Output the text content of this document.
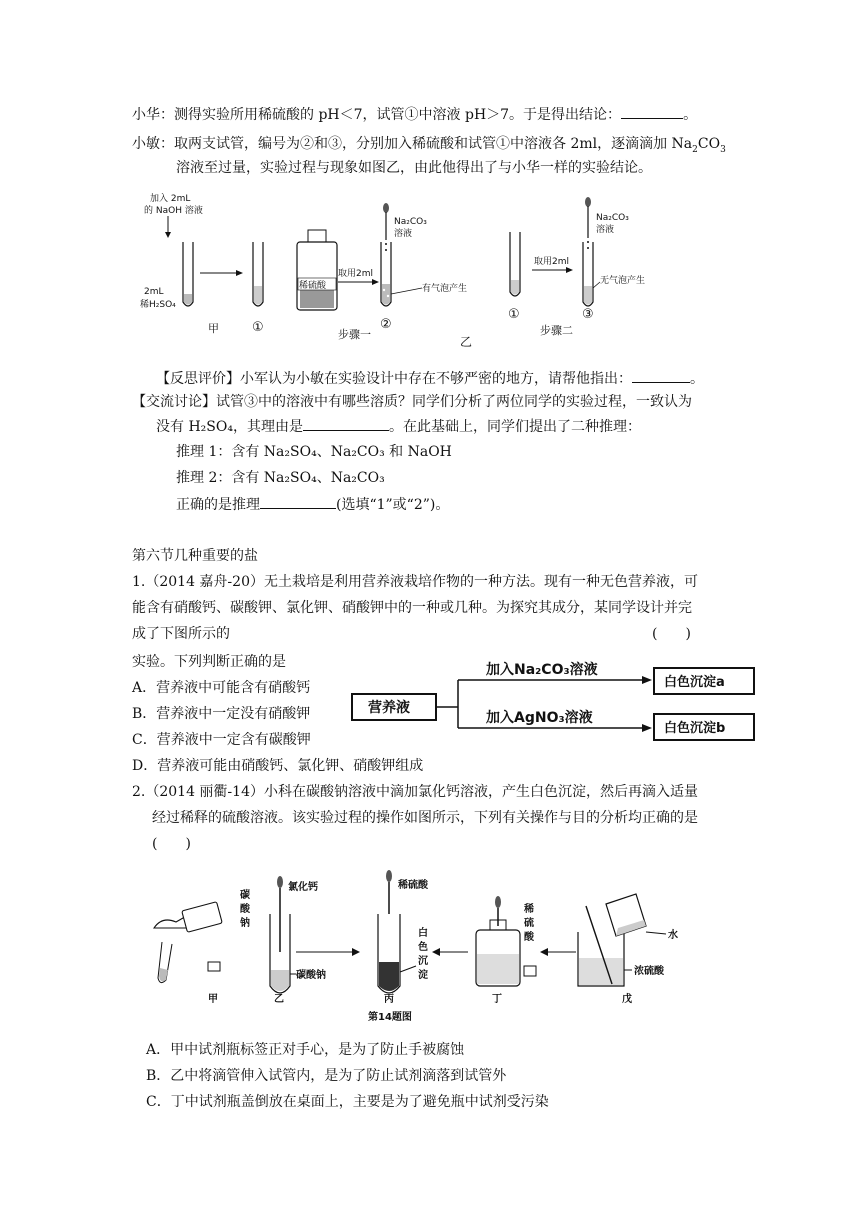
小华：测得实验所用稀硫酸的 pH＜7，试管①中溶液 pH＞7。于是得出结论：	。
小敏：取两支试管，编号为②和③，分别加入稀硫酸和试管①中溶液各 2ml，逐滴滴加 $Na_2CO_3$
溶液至过量，实验过程与现象如图乙，由此他得出了与小华一样的实验结论。
加入 2mL
的 NaOH 溶液
2mL
稀H₂SO₄
甲	①
稀硫酸
取用2ml
Na₂CO₃
溶液
有气泡产生
②
步骤一
乙
①
取用2ml
Na₂CO₃
溶液
无气泡产生
步骤二
③
【反思评价】小军认为小敏在实验设计中存在不够严密的地方，请帮他指出：	。
【交流讨论】试管③中的溶液中有哪些溶质？同学们分析了两位同学的实验过程，一致认为
没有 H₂SO₄，其理由是	。在此基础上，同学们提出了二种推理：
推理 1：含有 Na₂SO₄、Na₂CO₃ 和 NaOH
推理 2：含有 Na₂SO₄、Na₂CO₃
正确的是推理	(选填“1”或“2”)。
第六节几种重要的盐
1.（2014 嘉舟-20）无土栽培是利用营养液栽培作物的一种方法。现有一种无色营养液，可
能含有硝酸钙、碳酸钾、氯化钾、硝酸钾中的一种或几种。为探究其成分，某同学设计并完
成了下图所示的	(　　)
实验。下列判断正确的是
A．营养液中可能含有硝酸钙
B．营养液中一定没有硝酸钾
C．营养液中一定含有碳酸钾
D．营养液可能由硝酸钙、氯化钾、硝酸钾组成
营养液
加入Na₂CO₃溶液
加入AgNO₃溶液
白色沉淀a
白色沉淀b
2.（2014 丽衢-14）小科在碳酸钠溶液中滴加氯化钙溶液，产生白色沉淀，然后再滴入适量
经过稀释的硫酸溶液。该实验过程的操作如图所示，下列有关操作与目的分析均正确的是
(　　)
碳
酸
钠
氯化钙
碳酸钠
稀硫酸
白
色
沉
淀
稀
硫
酸	水
浓硫酸
甲	乙	丙	丁	戊
第14题图
A．甲中试剂瓶标签正对手心，是为了防止手被腐蚀
B．乙中将滴管伸入试管内，是为了防止试剂滴落到试管外
C．丁中试剂瓶盖倒放在桌面上，主要是为了避免瓶中试剂受污染
